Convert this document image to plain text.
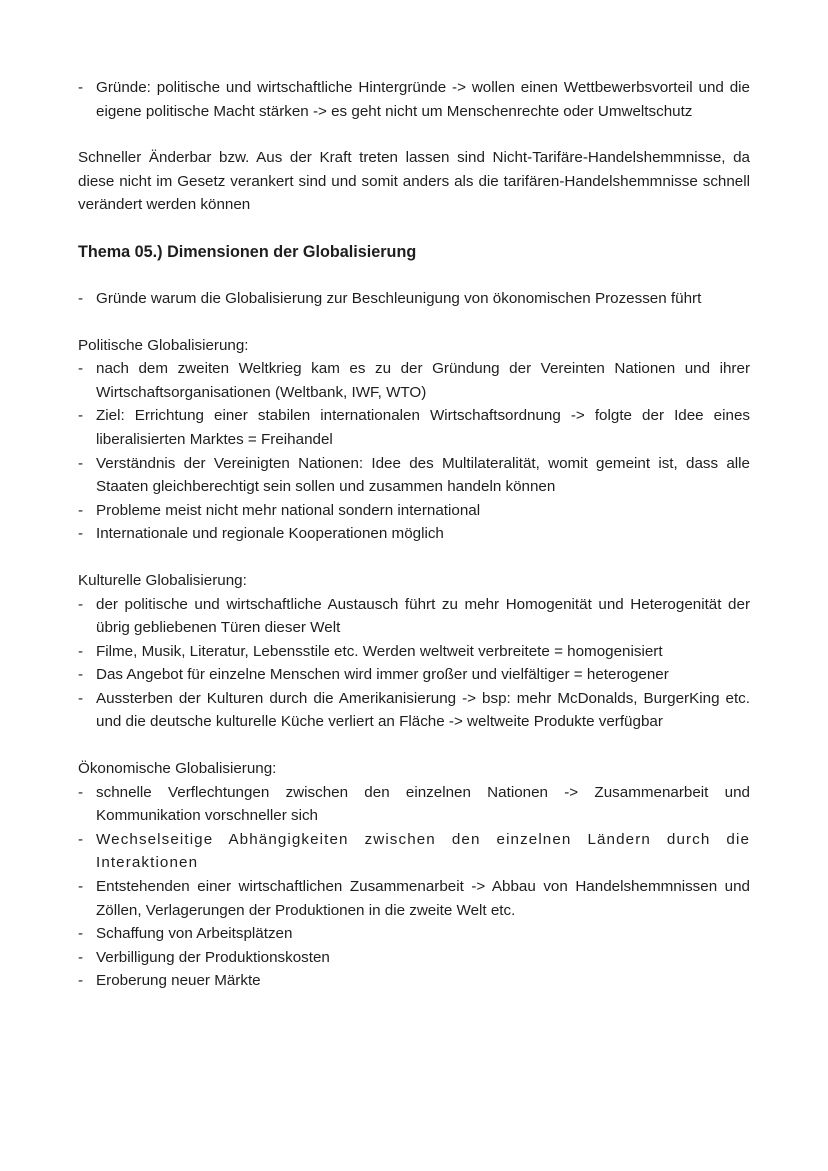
- Gründe: politische und wirtschaftliche Hintergründe -> wollen einen Wettbewerbsvorteil und die eigene politische Macht stärken -> es geht nicht um Menschenrechte oder Umweltschutz
Schneller Änderbar bzw. Aus der Kraft treten lassen sind Nicht-Tarifäre-Handelshemmnisse, da diese nicht im Gesetz verankert sind und somit anders als die tarifären-Handelshemmnisse schnell verändert werden können
Thema 05.) Dimensionen der Globalisierung
- Gründe warum die Globalisierung zur Beschleunigung von ökonomischen Prozessen führt
Politische Globalisierung:
- nach dem zweiten Weltkrieg kam es zu der Gründung der Vereinten Nationen und ihrer Wirtschaftsorganisationen (Weltbank, IWF, WTO)
- Ziel: Errichtung einer stabilen internationalen Wirtschaftsordnung -> folgte der Idee eines liberalisierten Marktes = Freihandel
- Verständnis der Vereinigten Nationen: Idee des Multilateralität, womit gemeint ist, dass alle Staaten gleichberechtigt sein sollen und zusammen handeln können
- Probleme meist nicht mehr national sondern international
- Internationale und regionale Kooperationen möglich
Kulturelle Globalisierung:
- der politische und wirtschaftliche Austausch führt zu mehr Homogenität und Heterogenität der übrig gebliebenen Türen dieser Welt
- Filme, Musik, Literatur, Lebensstile etc. Werden weltweit verbreitete = homogenisiert
- Das Angebot für einzelne Menschen wird immer großer und vielfältiger = heterogener
- Aussterben der Kulturen durch die Amerikanisierung -> bsp: mehr McDonalds, BurgerKing etc. und die deutsche kulturelle Küche verliert an Fläche -> weltweite Produkte verfügbar
Ökonomische Globalisierung:
- schnelle Verflechtungen zwischen den einzelnen Nationen -> Zusammenarbeit und Kommunikation vorschneller sich
- Wechselseitige Abhängigkeiten zwischen den einzelnen Ländern durch die Interaktionen
- Entstehenden einer wirtschaftlichen Zusammenarbeit -> Abbau von Handelshemmnissen und Zöllen, Verlagerungen der Produktionen in die zweite Welt etc.
- Schaffung von Arbeitsplätzen
- Verbilligung der Produktionskosten
- Eroberung neuer Märkte
